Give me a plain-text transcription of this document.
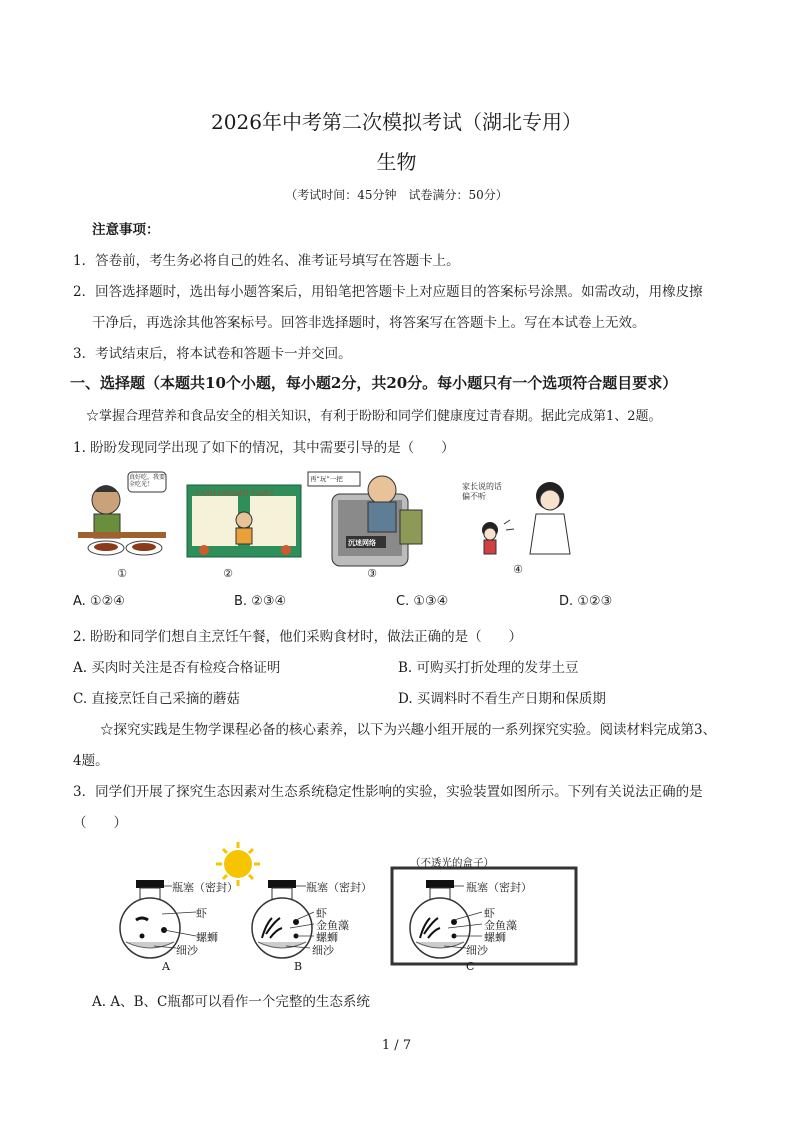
2026年中考第二次模拟考试（湖北专用）
生物
（考试时间：45分钟　试卷满分：50分）
注意事项：
1．答卷前，考生务必将自己的姓名、准考证号填写在答题卡上。
2．回答选择题时，选出每小题答案后，用铅笔把答题卡上对应题目的答案标号涂黑。如需改动，用橡皮擦
干净后，再选涂其他答案标号。回答非选择题时，将答案写在答题卡上。写在本试卷上无效。
3．考试结束后，将本试卷和答题卡一并交回。
一、选择题（本题共10个小题，每小题2分，共20分。每小题只有一个选项符合题目要求）
☆掌握合理营养和食品安全的相关知识，有利于盼盼和同学们健康度过青春期。据此完成第1、2题。
1. 盼盼发现同学出现了如下的情况，其中需要引导的是（　　）
真好吃，我要全吃光！
今天的1小时运动打卡完成了
再“玩”一把
沉迷网络
家长说的话偏不听
①	②	③	④
A. ①②④	B. ②③④	C. ①③④	D. ①②③
2. 盼盼和同学们想自主烹饪午餐，他们采购食材时，做法正确的是（　　）
A. 买肉时关注是否有检疫合格证明	B. 可购买打折处理的发芽土豆
C. 直接烹饪自己采摘的蘑菇	D. 买调料时不看生产日期和保质期
☆探究实践是生物学课程必备的核心素养，以下为兴趣小组开展的一系列探究实验。阅读材料完成第3、
4题。
3．同学们开展了探究生态因素对生态系统稳定性影响的实验，实验装置如图所示。下列有关说法正确的是
（　　）
（不透光的盒子）
瓶塞（密封）
虾
螺蛳
细沙
瓶塞（密封）
虾
金鱼藻
螺蛳
细沙
瓶塞（密封）
虾
金鱼藻
螺蛳
细沙
A	B	C
A. A、B、C瓶都可以看作一个完整的生态系统
1 / 7
